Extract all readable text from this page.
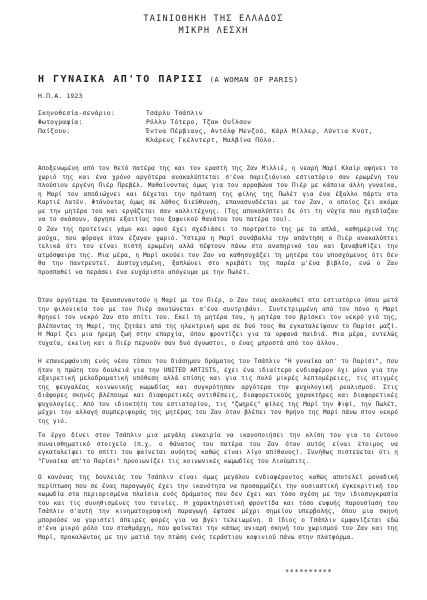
ΤΑΙΝΙΟΘΗΚΗ ΤΗΣ ΕΛΛΑΔΟΣ
ΜΙΚΡΗ ΛΕΣΧΗ
Η ΓΥΝΑΙΚΑ ΑΠ'ΤΟ ΠΑΡΙΣΙ (A WOMAN OF PARIS)
Η.Π.Α. 1923
Σκηνοθεσία-σενάριο:	Τσάρλυ Τσάπλιν
Φωτογραφία:	Ρόλλυ Τότερο, Τζακ Ουΐλσον
Παίζουν:	Έντνα Πέρβιανς, Αντόλφ Μενζού, Κάρλ Μίλλερ, Λύντια Κνοτ,
Κλάρενς Γκέλντερτ, Μαλβίνα Πόλο.
Αποξενωμένη από τον θετό πατέρα της και τον εραστή της Ζαν Μιλλιέ, η νεαρή Μαρί Κλαίρ αφήνει το χωριό της και ένα χρόνο αργότερα ανακαλύπτεται σ'ένα παριζιάνικο εστιατόριο σαν ερωμένη του πλούσιου εργένη Πιέρ Πρεβέλ. Μαθαίνοντας όμως για τον αρραβώνα του Πιέρ με κάποια άλλη γυναίκα, η Μαρί τον αποδιώχνει και δέχεται την πρόταση της φίλης της Πωλέτ για ένα έξαλλο πάρτυ στο Καρτιέ Λατέν. Φτάνοντας όμως σε λάθος διεύθυνση, επανασυνδέεται με τον Ζαν, ο οποίος ζει ακόμα με την μητέρα του και εργάζεται σαν καλλιτέχνης. (Της αποκαλύπτει δε ότι τη νύχτα που σχεδίαζαν να το σκάσουν, άργησε εξαιτίας του ξαφνικού θανάτου του πατέρα του).
Ο Ζαν της προτείνει γάμο και αφού έχει σχεδιάσει το πορτραίτο της με τα απλά, καθημερινά της ρούχα, που φόραγε όταν έζαγαν χωριό. Ύστερα η Μαρί συνάβαλλε την απάντηση ο Πιέρ ανακαλύπτει τελικά ότι του είναι πιστή ερωμένη αλλά πέφτουν πάνω στο αναπηρικό του και ξαναβυθίζει την ατμόσφαιρα της. Μια μέρα, η Μαρί ακούει τον Ζαν να καθησυχάζει τη μητέρα του υποσχόμενος ότι δεν θα την παντρευτεί. Δυστυχισμένη, ξαπλώνει στο κρεβάτι της παρέα μ'ένα βιβλίο, ενώ ο Ζαν προσπαθεί να περάσει ένα ευχάριστο απόγευμα με την Πωλέτ.
Όταν αργότερα τα ξανασυναντούν η Μαρί με τον Πιέρ, ο Ζαν τους ακολουθεί στο εστιατόριο όπου μετά την φιλονικία του με τον Πιέρ σκοτώνεται σ'ένα συντριβάνι. Συντετριμμένη από τον πόνο η Μαρί θρηνεί τον νεκρό Ζαν στο σπίτι του. Εκεί τη μητέρα του, η μητέρα του βρίσκει τον νεκρό γιό της, βλέποντας τη Μαρί, της ζητάει από της ηλεκτρική ωρα σε δυό τους θα εγκαταλείψουν το Παρίσι μαζί. Η Μαρί ζει μια ήρεμη ζωή στην επαρχία, όπου φροντίζει για τα ορφανά παιδιά. Μια μέρα, εντελώς τυχαία, εκείνη και ο Πιέρ περνούν σαν δυό άγνωστοι, ο ένας μπροστά από τον άλλον.
Η επανεμφάνιση ενός νέου τύπου του διάσημου δράματος του Τσάπλιν "Η γυναίκα απ' το Παρίσι", που ήταν η πρώτη του δουλειά για την UNITED ARTISTS, έχει ένα ιδιαίτερο ενδιαφέρον όχι μόνο για την εξαιρετική μελοδραματική υπόθεση αλλά επίσης και για τις πολύ μικρές λεπτομέρειες, τις στιγμές της φευγαλέας κοινωνικής κωμωδίας και συγκρότησαν αργότερα την ψυχολογική ρεαλισμού. Στις διάφορες σκηνές βλέπουμε και διαφορετικές αντιθέσεις, διαφορετικούς χαρακτήρες και διαφορετικές ψυχολογίες. Από τον ιδιοκτήτη του εστιατορίου, τις "ζωηρές" φίλες της Μαρί την Φιφί, την Πωλέτ, μέχρι την αλλαγή συμπεριφοράς της μητέρας του Ζαν όταν βλέπει τον θρήνο της Μαρί πάνω στον νεκρό της γιό.
Το έργο δίνει στον Τσάπλιν μια μεγάλη ευκαιρία να ικανοποιήσει την κλίση του για το έντονο συναισθηματικό στοιχείο (π.χ. ο θάνατος του πατέρα του Ζαν όταν αυτός είναι έτοιμος να εγκαταλείψει το σπίτι του φαίνεται ανόητος καθώς είναι λίγο απίθανος). Συνήθως πιστεύεται ότι η "Γυναίκα απ'το Παρίσι" προοιωνίζει τις κοινωνικές κωμωδίες του Λιούμπιτς.
Ο κανόνας της δουλειάς του Τσάπλιν είναι όμως μεγάλου ενδιαφέροντος καθώς αποτελεί μοναδική περίπτωση που σε ένας παραγωγός έχει την ικανότητα να προσαρμόζει την ουσιαστική εγκεκριτική του κωμωδία στα περιορισμένα πλαίσια ενός δράματος που δεν έχει και τόσο σχέση με την ιδιοσυγκρασία του και τις συνηθισμένες του ταινίες. Η χαρακτηριστική φροντίδα και τόσο ευφυής παρουσίαση του Τσάπλιν σ'αυτή την κινηματογραφική παραγωγή έφτασε μέχρι σημείου υπερβολής, όπου μια σκηνή μπορούσε να γυριστεί άπειρες φορές για να βγει τελειωμένη. Ο ίδιος ο Τσάπλιν εμφανίζεται εδώ σ'ένα μικρό ρόλο του σταθμάρχη, που φαίνεται την κάπως ανιαρή σκηνή του χωρισμού του Ζαν και της Μαρί, προκαλώντας με την ματιά την πτώση ενός τεράστιου κοφινιού πάνω στην πλατφόρμα.
**********
